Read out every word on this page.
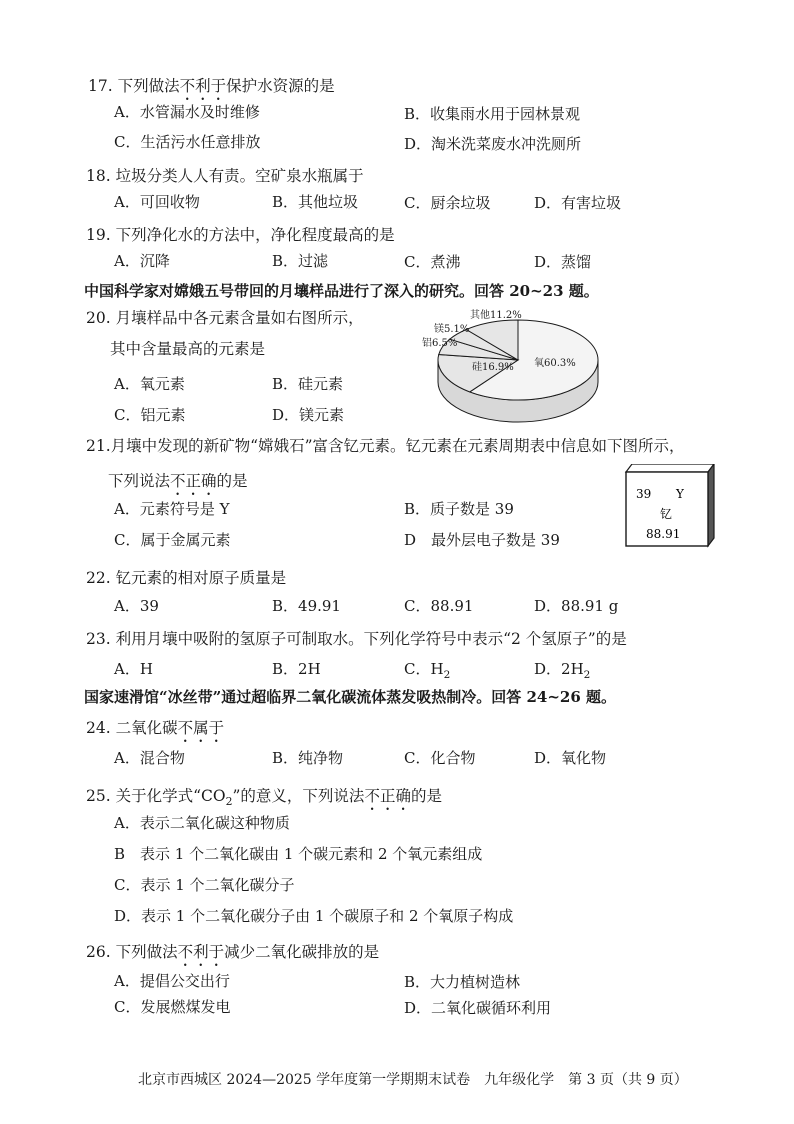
17. 下列做法不利于保护水资源的是
A．水管漏水及时维修	B．收集雨水用于园林景观
C．生活污水任意排放	D．淘米洗菜废水冲洗厕所
18. 垃圾分类人人有责。空矿泉水瓶属于
A．可回收物	B．其他垃圾	C．厨余垃圾	D．有害垃圾
19. 下列净化水的方法中，净化程度最高的是
A．沉降	B．过滤	C．煮沸	D．蒸馏
中国科学家对嫦娥五号带回的月壤样品进行了深入的研究。回答 20~23 题。
20. 月壤样品中各元素含量如右图所示，
其中含量最高的元素是
A．氧元素	B．硅元素
C．铝元素	D．镁元素
氧60.3%
硅16.9%
铝6.5%
镁5.1%
其他11.2%
21.月壤中发现的新矿物“嫦娥石”富含钇元素。钇元素在元素周期表中信息如下图所示，
下列说法不正确的是
A．元素符号是 Y	B．质子数是 39
C．属于金属元素	D　最外层电子数是 39
39 Y
钇
88.91
22. 钇元素的相对原子质量是
A．39	B．49.91	C．88.91	D．88.91 g
23. 利用月壤中吸附的氢原子可制取水。下列化学符号中表示“2 个氢原子”的是
A．H	B．2H	C．$H_2$	D．$2H_2$
国家速滑馆“冰丝带”通过超临界二氧化碳流体蒸发吸热制冷。回答 24~26 题。
24. 二氧化碳不属于
A．混合物	B．纯净物	C．化合物	D．氧化物
25. 关于化学式“$CO_2$”的意义，下列说法不正确的是
A．表示二氧化碳这种物质
B　表示 1 个二氧化碳由 1 个碳元素和 2 个氧元素组成
C．表示 1 个二氧化碳分子
D．表示 1 个二氧化碳分子由 1 个碳原子和 2 个氧原子构成
26. 下列做法不利于减少二氧化碳排放的是
A．提倡公交出行	B．大力植树造林
C．发展燃煤发电	D．二氧化碳循环利用
北京市西城区 2024—2025 学年度第一学期期末试卷　九年级化学　第 3 页（共 9 页）
